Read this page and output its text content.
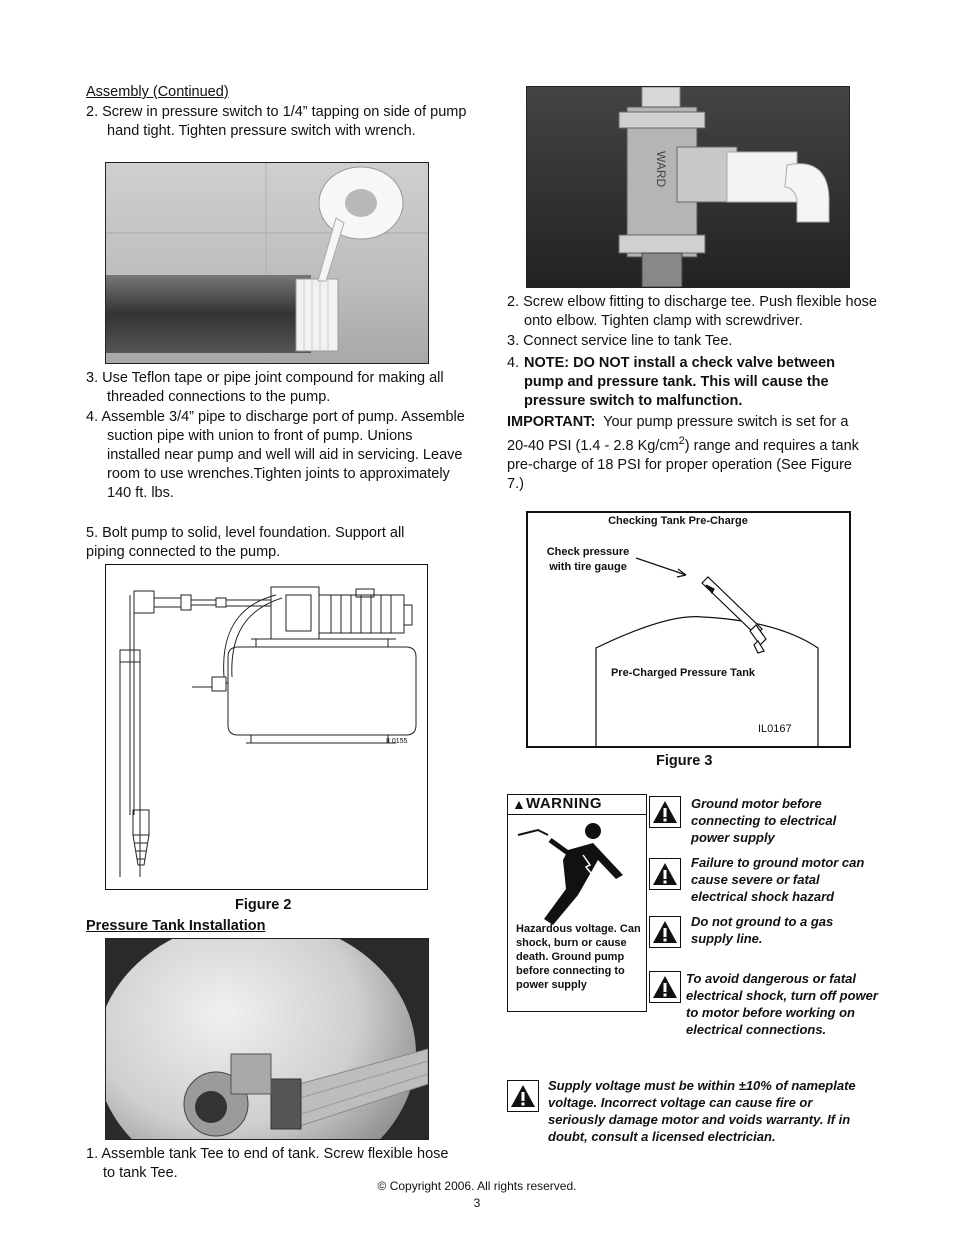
Assembly (Continued)
2. Screw in pressure switch to 1/4” tapping on side of pump hand tight. Tighten pressure switch with wrench.
3. Use Teflon tape or pipe joint compound for making all threaded connections to the pump.
4. Assemble 3/4” pipe to discharge port of pump. Assemble suction pipe with union to front of pump. Unions installed near pump and well will aid in servicing. Leave room to use wrenches.Tighten joints to approximately 140 ft. lbs.
5. Bolt pump to solid, level foundation. Support all piping connected to the pump.
IL0155
Figure 2
Pressure Tank Installation
1. Assemble tank Tee to end of tank. Screw flexible hose to tank Tee.
WARD
2. Screw elbow fitting to discharge tee. Push flexible hose onto elbow. Tighten clamp with screwdriver.
3. Connect service line to tank Tee.
4. NOTE: DO NOT install a check valve between pump and pressure tank. This will cause the pressure switch to malfunction.
IMPORTANT: Your pump pressure switch is set for a 20-40 PSI (1.4 - 2.8 $Kg/cm^2$) range and requires a tank pre-charge of 18 PSI for proper operation (See Figure 7.)
Checking Tank Pre-Charge
Check pressure with tire gauge
Pre-Charged Pressure Tank
IL0167
Figure 3
▲ WARNING
Hazardous voltage. Can shock, burn or cause death. Ground pump before connecting to power supply
Ground motor before connecting to electrical power supply
Failure to ground motor can cause severe or fatal electrical shock hazard
Do not ground to a gas supply line.
To avoid dangerous or fatal electrical shock, turn off power to motor before working on electrical connections.
Supply voltage must be within ±10% of nameplate voltage. Incorrect voltage can cause fire or seriously damage motor and voids warranty. If in doubt, consult a licensed electrician.
© Copyright 2006. All rights reserved.
3
